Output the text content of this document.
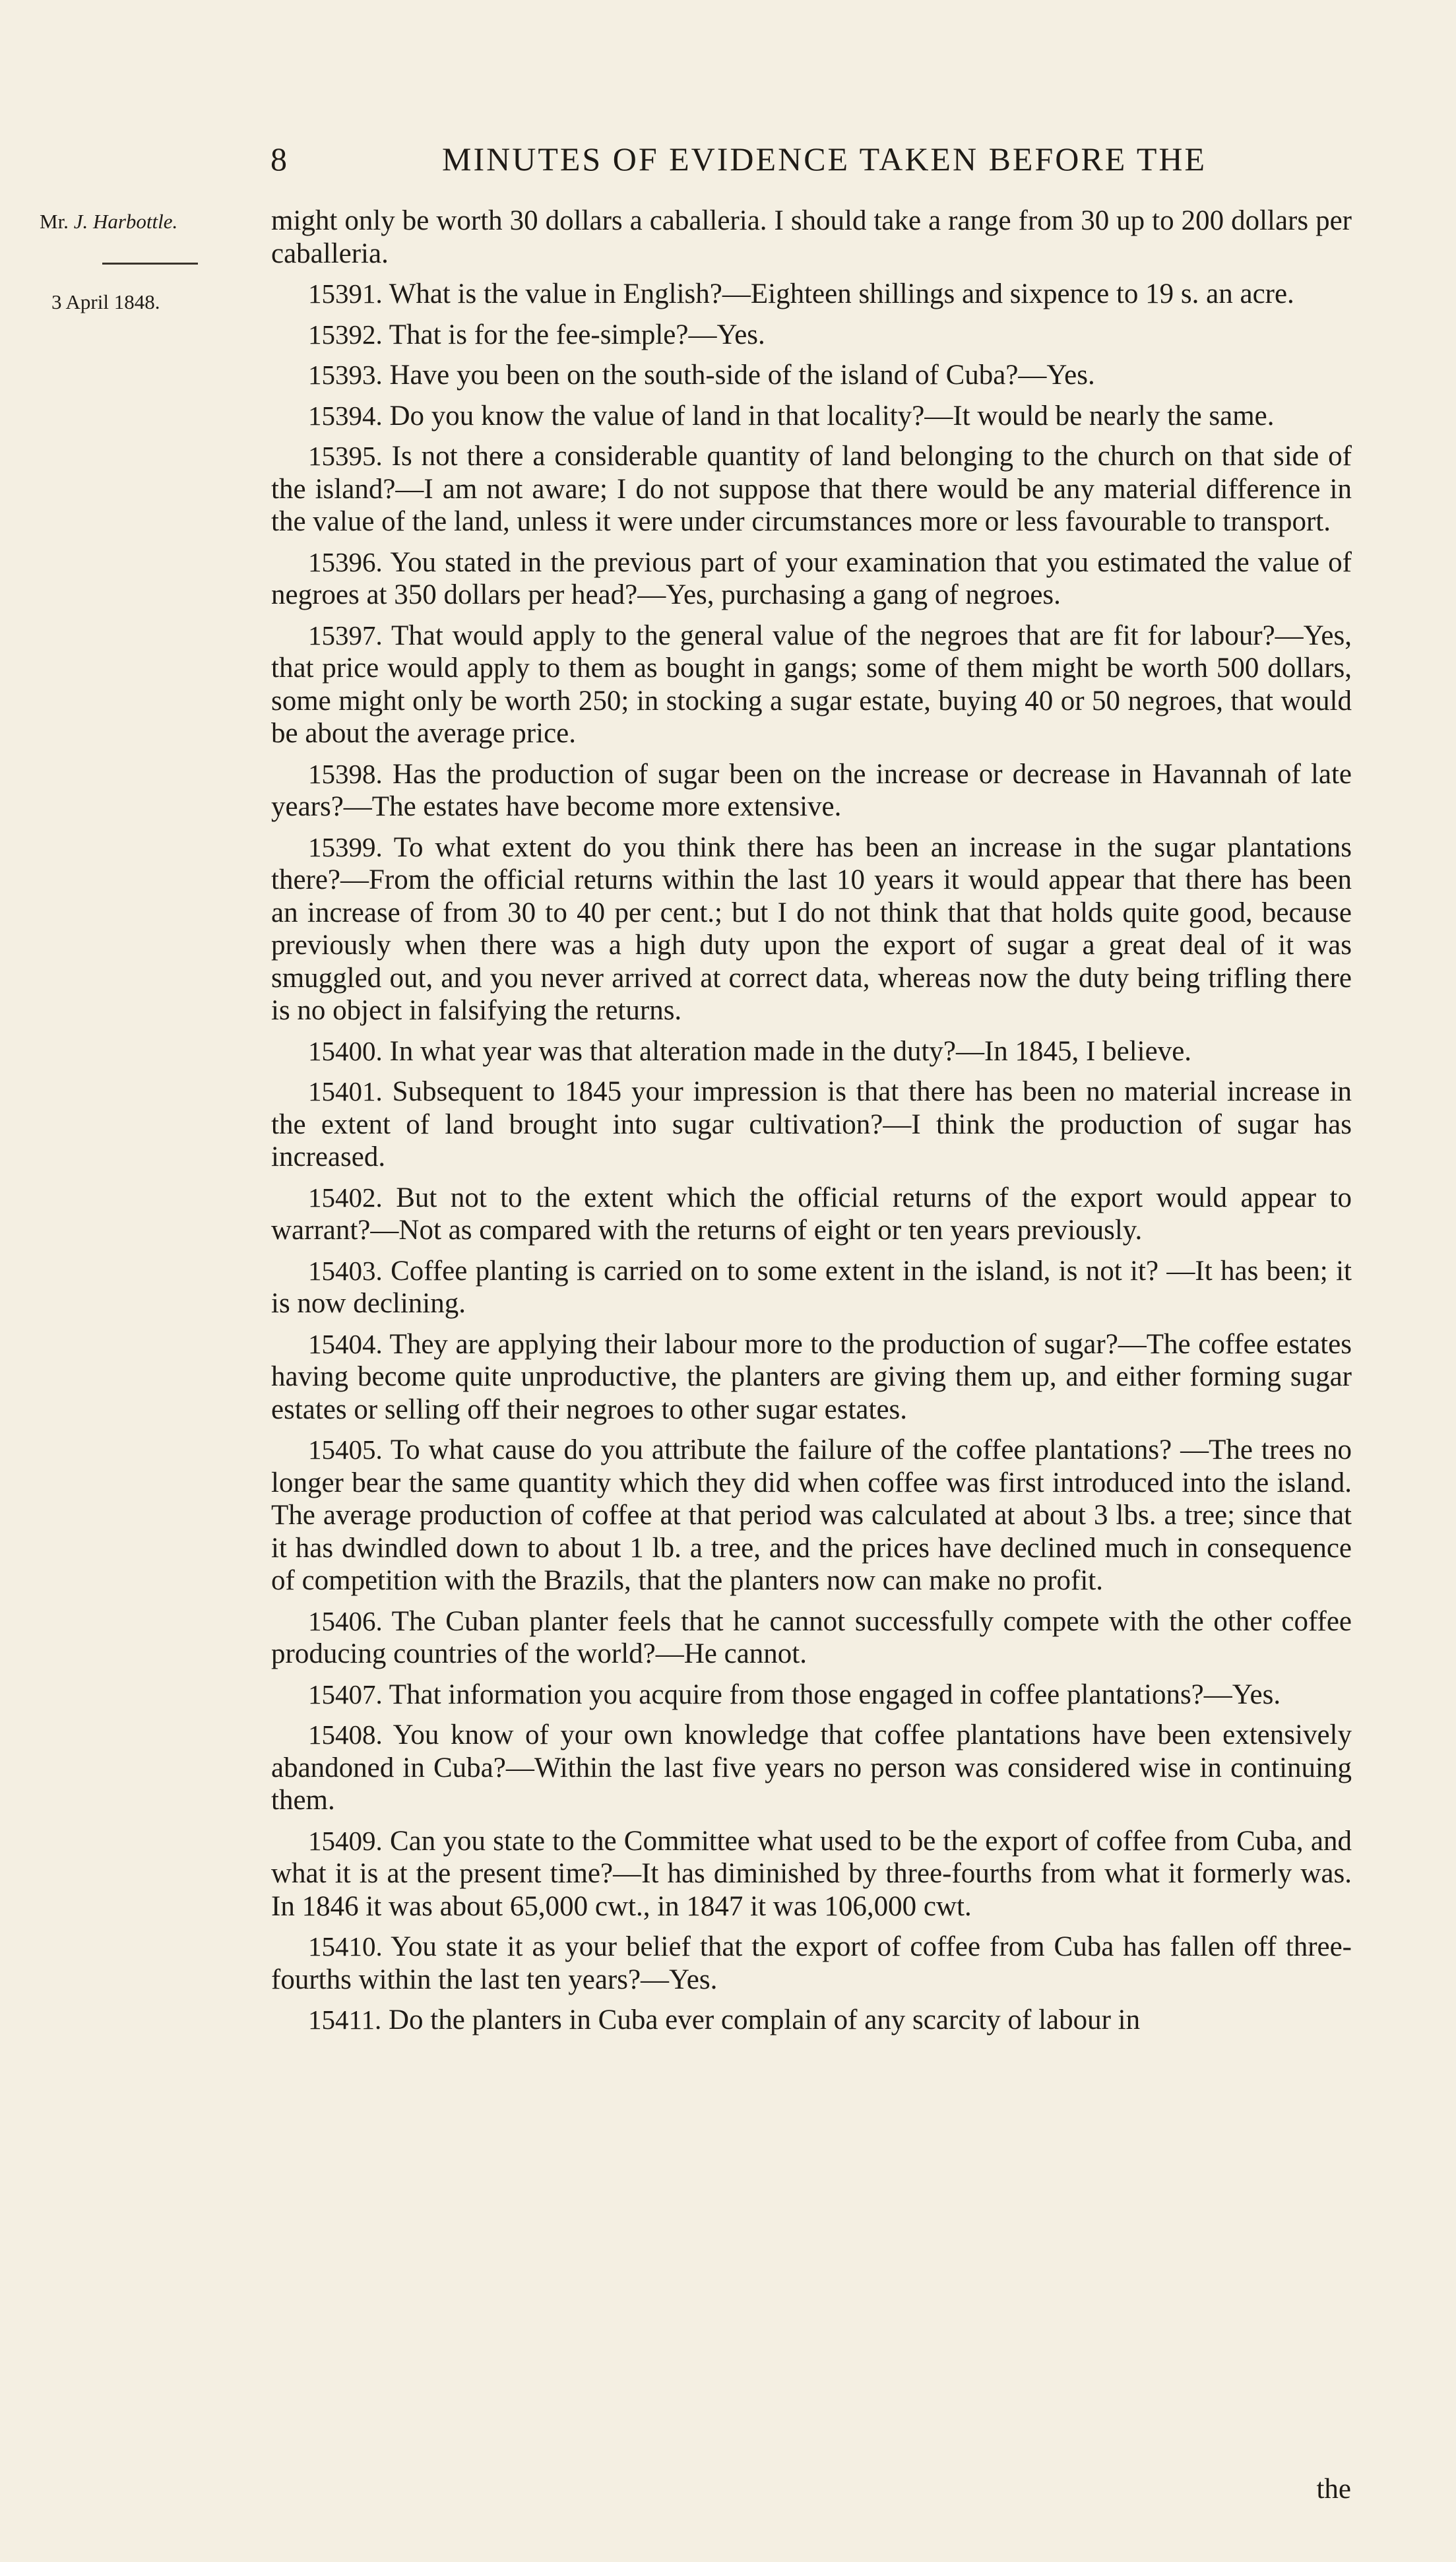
8	MINUTES OF EVIDENCE TAKEN BEFORE THE
Mr. J. Harbottle.
3 April 1848.

might only be worth 30 dollars a caballeria. I should take a range from 30 up to 200 dollars per caballeria.

15391. What is the value in English?—Eighteen shillings and sixpence to 19 s. an acre.

15392. That is for the fee-simple?—Yes.

15393. Have you been on the south-side of the island of Cuba?—Yes.

15394. Do you know the value of land in that locality?—It would be nearly the same.

15395. Is not there a considerable quantity of land belonging to the church on that side of the island?—I am not aware; I do not suppose that there would be any material difference in the value of the land, unless it were under circumstances more or less favourable to transport.

15396. You stated in the previous part of your examination that you estimated the value of negroes at 350 dollars per head?—Yes, purchasing a gang of negroes.

15397. That would apply to the general value of the negroes that are fit for labour?—Yes, that price would apply to them as bought in gangs; some of them might be worth 500 dollars, some might only be worth 250; in stocking a sugar estate, buying 40 or 50 negroes, that would be about the average price.

15398. Has the production of sugar been on the increase or decrease in Havannah of late years?—The estates have become more extensive.

15399. To what extent do you think there has been an increase in the sugar plantations there?—From the official returns within the last 10 years it would appear that there has been an increase of from 30 to 40 per cent.; but I do not think that that holds quite good, because previously when there was a high duty upon the export of sugar a great deal of it was smuggled out, and you never arrived at correct data, whereas now the duty being trifling there is no object in falsifying the returns.

15400. In what year was that alteration made in the duty?—In 1845, I believe.

15401. Subsequent to 1845 your impression is that there has been no material increase in the extent of land brought into sugar cultivation?—I think the production of sugar has increased.

15402. But not to the extent which the official returns of the export would appear to warrant?—Not as compared with the returns of eight or ten years previously.

15403. Coffee planting is carried on to some extent in the island, is not it? —It has been; it is now declining.

15404. They are applying their labour more to the production of sugar?—The coffee estates having become quite unproductive, the planters are giving them up, and either forming sugar estates or selling off their negroes to other sugar estates.

15405. To what cause do you attribute the failure of the coffee plantations? —The trees no longer bear the same quantity which they did when coffee was first introduced into the island. The average production of coffee at that period was calculated at about 3 lbs. a tree; since that it has dwindled down to about 1 lb. a tree, and the prices have declined much in consequence of competition with the Brazils, that the planters now can make no profit.

15406. The Cuban planter feels that he cannot successfully compete with the other coffee producing countries of the world?—He cannot.

15407. That information you acquire from those engaged in coffee plantations?—Yes.

15408. You know of your own knowledge that coffee plantations have been extensively abandoned in Cuba?—Within the last five years no person was considered wise in continuing them.

15409. Can you state to the Committee what used to be the export of coffee from Cuba, and what it is at the present time?—It has diminished by three-fourths from what it formerly was. In 1846 it was about 65,000 cwt., in 1847 it was 106,000 cwt.

15410. You state it as your belief that the export of coffee from Cuba has fallen off three-fourths within the last ten years?—Yes.

15411. Do the planters in Cuba ever complain of any scarcity of labour in

the
